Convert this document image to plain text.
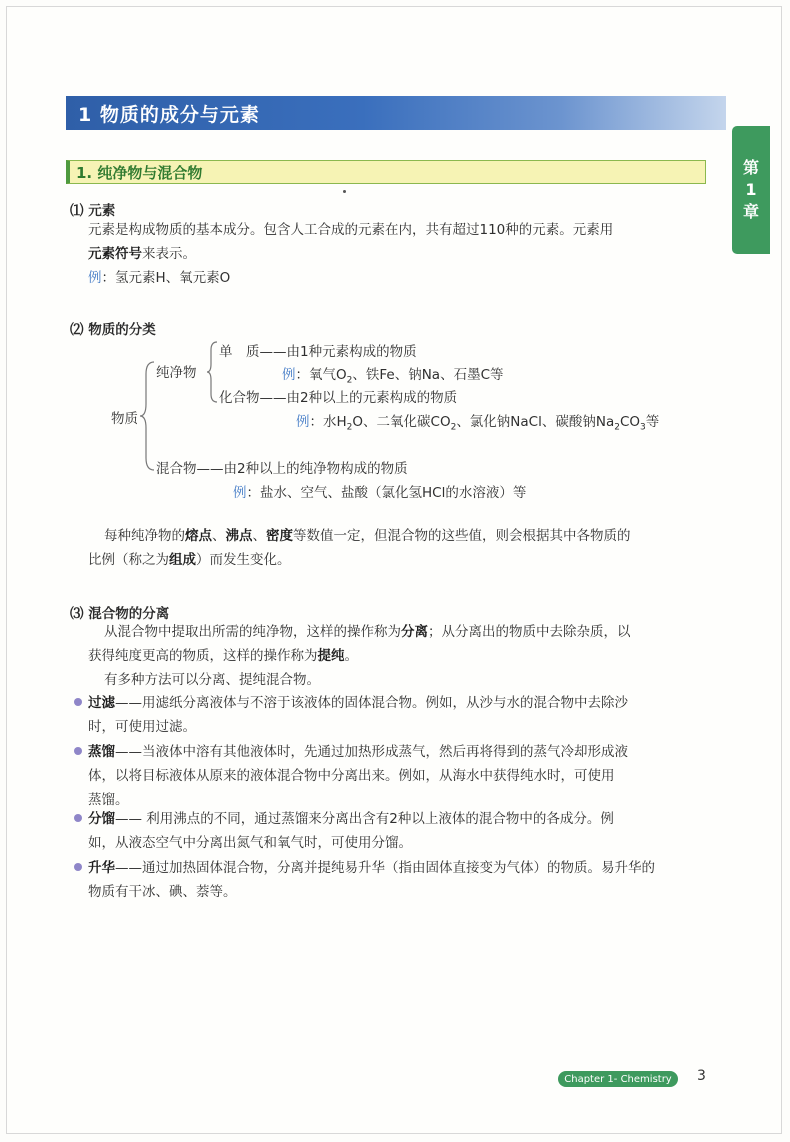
1 物质的成分与元素
第
1
章
1. 纯净物与混合物
⑴ 元素
元素是构成物质的基本成分。包含人工合成的元素在内，共有超过110种的元素。元素用
元素符号来表示。
例：氢元素H、氧元素O
⑵ 物质的分类
物质
纯净物
单　质——由1种元素构成的物质
例：氧气$O_2$、铁Fe、钠Na、石墨C等
化合物——由2种以上的元素构成的物质
例：水$H_2O$、二氧化碳$CO_2$、氯化钠NaCl、碳酸钠$Na_2CO_3$等
混合物——由2种以上的纯净物构成的物质
例：盐水、空气、盐酸（氯化氢HCl的水溶液）等
每种纯净物的熔点、沸点、密度等数值一定，但混合物的这些值，则会根据其中各物质的
比例（称之为组成）而发生变化。
⑶ 混合物的分离
从混合物中提取出所需的纯净物，这样的操作称为分离；从分离出的物质中去除杂质，以
获得纯度更高的物质，这样的操作称为提纯。
有多种方法可以分离、提纯混合物。
过滤——用滤纸分离液体与不溶于该液体的固体混合物。例如，从沙与水的混合物中去除沙
时，可使用过滤。
蒸馏——当液体中溶有其他液体时，先通过加热形成蒸气，然后再将得到的蒸气冷却形成液
体，以将目标液体从原来的液体混合物中分离出来。例如，从海水中获得纯水时，可使用
蒸馏。
分馏—— 利用沸点的不同，通过蒸馏来分离出含有2种以上液体的混合物中的各成分。例
如，从液态空气中分离出氮气和氧气时，可使用分馏。
升华——通过加热固体混合物，分离并提纯易升华（指由固体直接变为气体）的物质。易升华的
物质有干冰、碘、萘等。
Chapter 1- Chemistry 3
